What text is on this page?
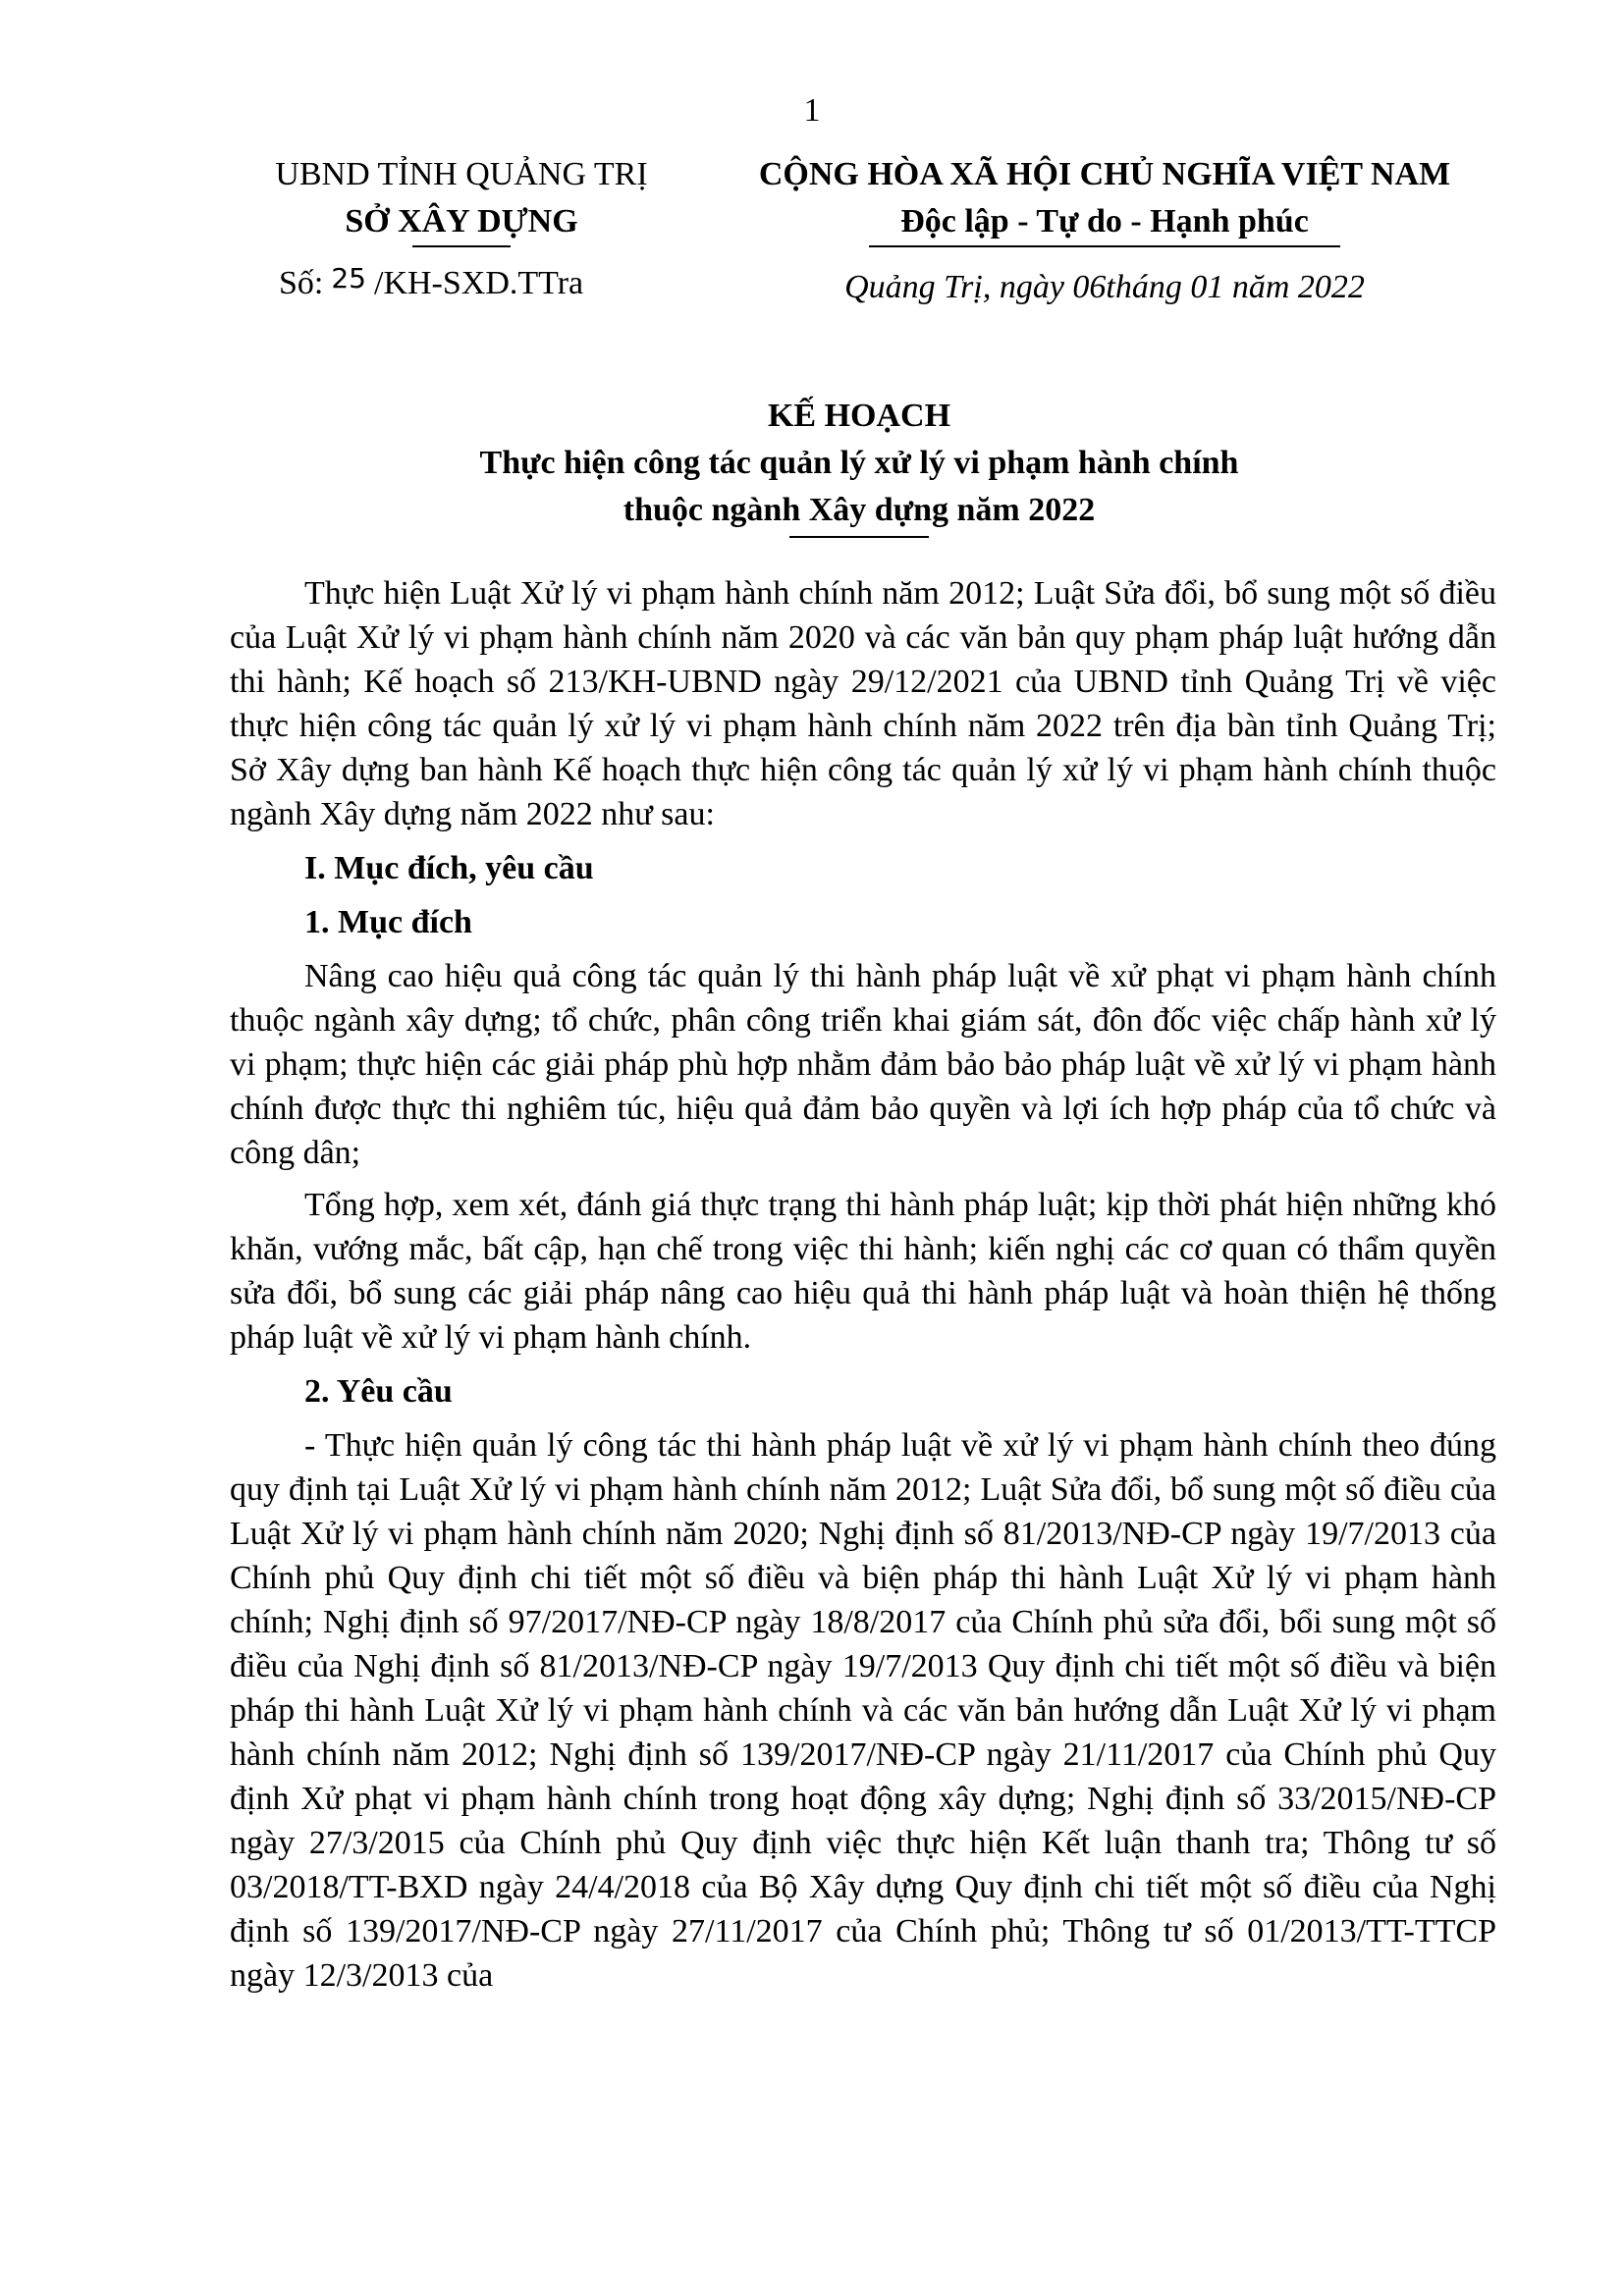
1
UBND TỈNH QUẢNG TRỊ
SỞ XÂY DỰNG
CỘNG HÒA XÃ HỘI CHỦ NGHĨA VIỆT NAM
Độc lập - Tự do - Hạnh phúc
Số: 25 /KH-SXD.TTra	Quảng Trị, ngày 06tháng 01 năm 2022
KẾ HOẠCH
Thực hiện công tác quản lý xử lý vi phạm hành chính
thuộc ngành Xây dựng năm 2022

Thực hiện Luật Xử lý vi phạm hành chính năm 2012; Luật Sửa đổi, bổ sung một số điều của Luật Xử lý vi phạm hành chính năm 2020 và các văn bản quy phạm pháp luật hướng dẫn thi hành; Kế hoạch số 213/KH-UBND ngày 29/12/2021 của UBND tỉnh Quảng Trị về việc thực hiện công tác quản lý xử lý vi phạm hành chính năm 2022 trên địa bàn tỉnh Quảng Trị; Sở Xây dựng ban hành Kế hoạch thực hiện công tác quản lý xử lý vi phạm hành chính thuộc ngành Xây dựng năm 2022 như sau:

I. Mục đích, yêu cầu
1. Mục đích

Nâng cao hiệu quả công tác quản lý thi hành pháp luật về xử phạt vi phạm hành chính thuộc ngành xây dựng; tổ chức, phân công triển khai giám sát, đôn đốc việc chấp hành xử lý vi phạm; thực hiện các giải pháp phù hợp nhằm đảm bảo bảo pháp luật về xử lý vi phạm hành chính được thực thi nghiêm túc, hiệu quả đảm bảo quyền và lợi ích hợp pháp của tổ chức và công dân;

Tổng hợp, xem xét, đánh giá thực trạng thi hành pháp luật; kịp thời phát hiện những khó khăn, vướng mắc, bất cập, hạn chế trong việc thi hành; kiến nghị các cơ quan có thẩm quyền sửa đổi, bổ sung các giải pháp nâng cao hiệu quả thi hành pháp luật và hoàn thiện hệ thống pháp luật về xử lý vi phạm hành chính.

2. Yêu cầu

- Thực hiện quản lý công tác thi hành pháp luật về xử lý vi phạm hành chính theo đúng quy định tại Luật Xử lý vi phạm hành chính năm 2012; Luật Sửa đổi, bổ sung một số điều của Luật Xử lý vi phạm hành chính năm 2020; Nghị định số 81/2013/NĐ-CP ngày 19/7/2013 của Chính phủ Quy định chi tiết một số điều và biện pháp thi hành Luật Xử lý vi phạm hành chính; Nghị định số 97/2017/NĐ-CP ngày 18/8/2017 của Chính phủ sửa đổi, bổi sung một số điều của Nghị định số 81/2013/NĐ-CP ngày 19/7/2013 Quy định chi tiết một số điều và biện pháp thi hành Luật Xử lý vi phạm hành chính và các văn bản hướng dẫn Luật Xử lý vi phạm hành chính năm 2012; Nghị định số 139/2017/NĐ-CP ngày 21/11/2017 của Chính phủ Quy định Xử phạt vi phạm hành chính trong hoạt động xây dựng; Nghị định số 33/2015/NĐ-CP ngày 27/3/2015 của Chính phủ Quy định việc thực hiện Kết luận thanh tra; Thông tư số 03/2018/TT-BXD ngày 24/4/2018 của Bộ Xây dựng Quy định chi tiết một số điều của Nghị định số 139/2017/NĐ-CP ngày 27/11/2017 của Chính phủ; Thông tư số 01/2013/TT-TTCP ngày 12/3/2013 của
